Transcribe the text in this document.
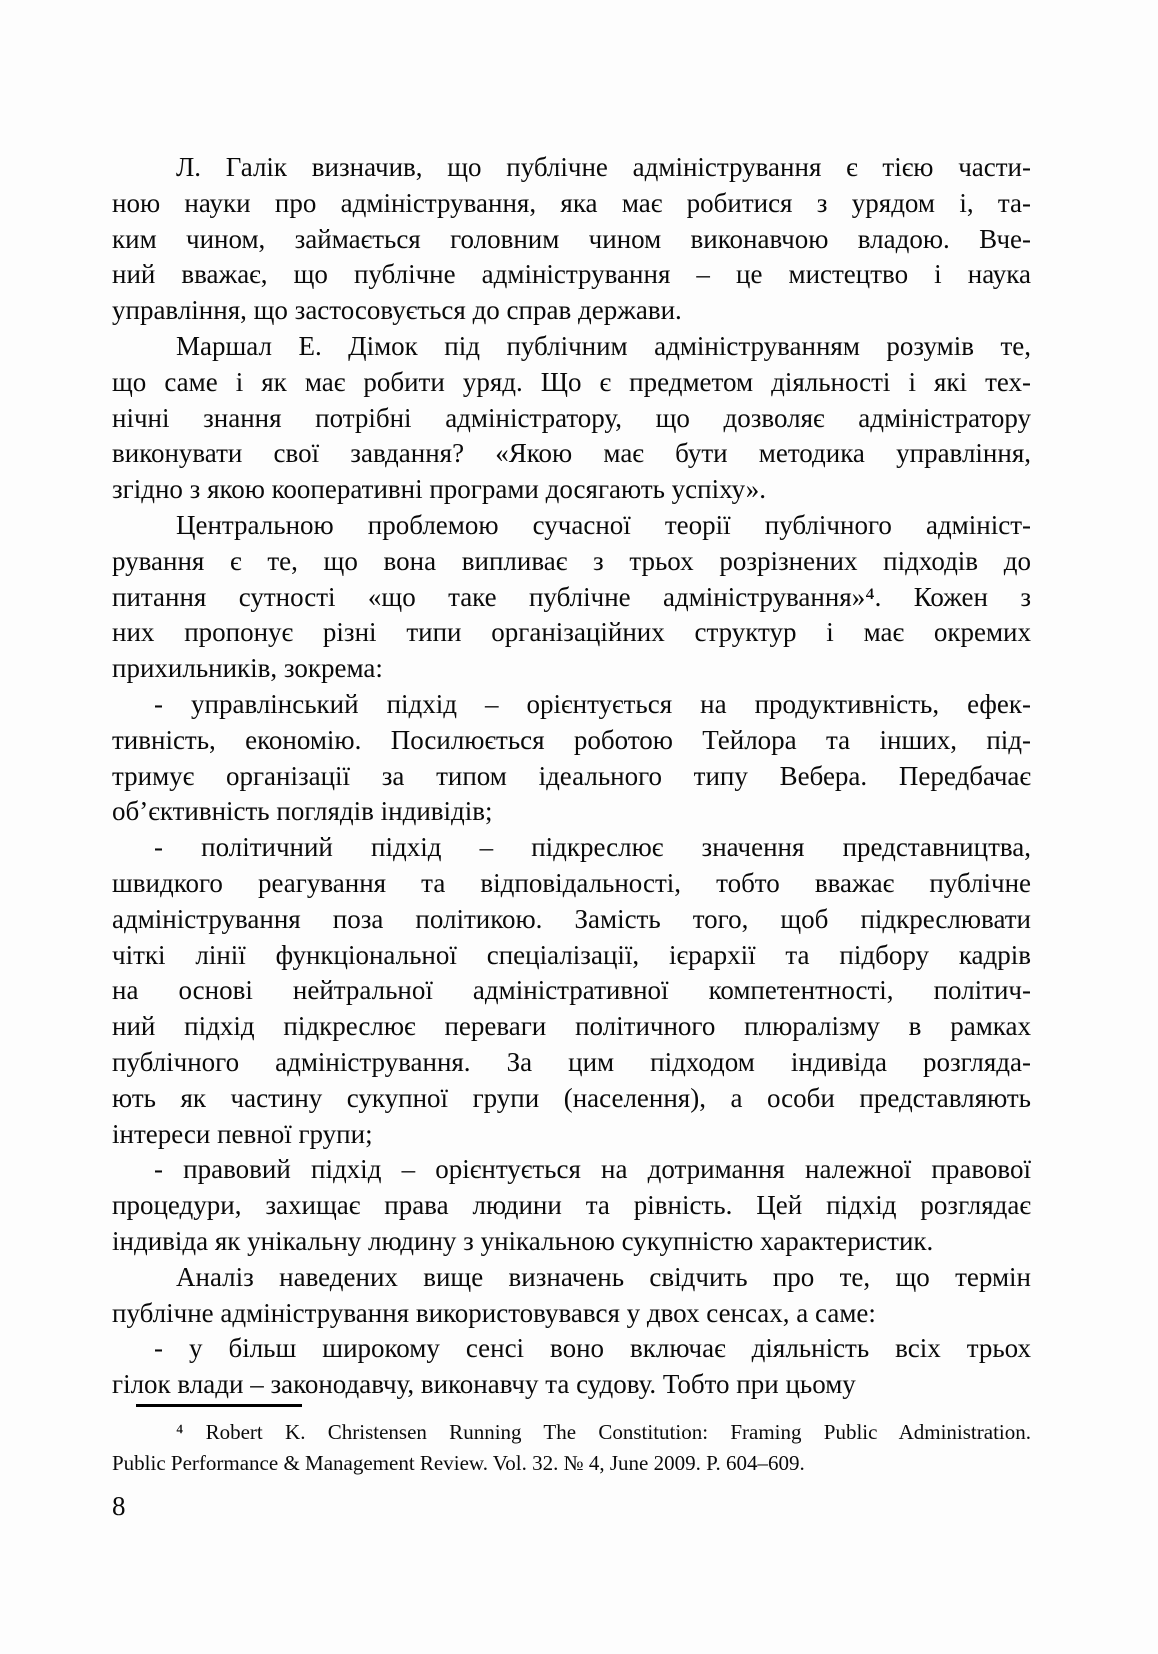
Л. Галік визначив, що публічне адміністрування є тією части-
ною науки про адміністрування, яка має робитися з урядом і, та-
ким чином, займається головним чином виконавчою владою. Вче-
ний вважає, що публічне адміністрування – це мистецтво і наука
управління, що застосовується до справ держави.
Маршал Е. Дімок під публічним адмініструванням розумів те,
що саме і як має робити уряд. Що є предметом діяльності і які тех-
нічні знання потрібні адміністратору, що дозволяє адміністратору
виконувати свої завдання? «Якою має бути методика управління,
згідно з якою кооперативні програми досягають успіху».
Центральною проблемою сучасної теорії публічного адмініст-
рування є те, що вона випливає з трьох розрізнених підходів до
питання сутності «що таке публічне адміністрування»⁴. Кожен з
них пропонує різні типи організаційних структур і має окремих
прихильників, зокрема:
- управлінський підхід – орієнтується на продуктивність, ефек-
тивність, економію. Посилюється роботою Тейлора та інших, під-
тримує організації за типом ідеального типу Вебера. Передбачає
об’єктивність поглядів індивідів;
- політичний підхід – підкреслює значення представництва,
швидкого реагування та відповідальності, тобто вважає публічне
адміністрування поза політикою. Замість того, щоб підкреслювати
чіткі лінії функціональної спеціалізації, ієрархії та підбору кадрів
на основі нейтральної адміністративної компетентності, політич-
ний підхід підкреслює переваги політичного плюралізму в рамках
публічного адміністрування. За цим підходом індивіда розгляда-
ють як частину сукупної групи (населення), а особи представляють
інтереси певної групи;
- правовий підхід – орієнтується на дотримання належної правової
процедури, захищає права людини та рівність. Цей підхід розглядає
індивіда як унікальну людину з унікальною сукупністю характеристик.
Аналіз наведених вище визначень свідчить про те, що термін
публічне адміністрування використовувався у двох сенсах, а саме:
- у більш широкому сенсі воно включає діяльність всіх трьох
гілок влади – законодавчу, виконавчу та судову. Тобто при цьому
⁴ Robert K. Christensen Running The Constitution: Framing Public Administration.
Public Performance & Management Review. Vol. 32. № 4, June 2009. P. 604–609.
8
